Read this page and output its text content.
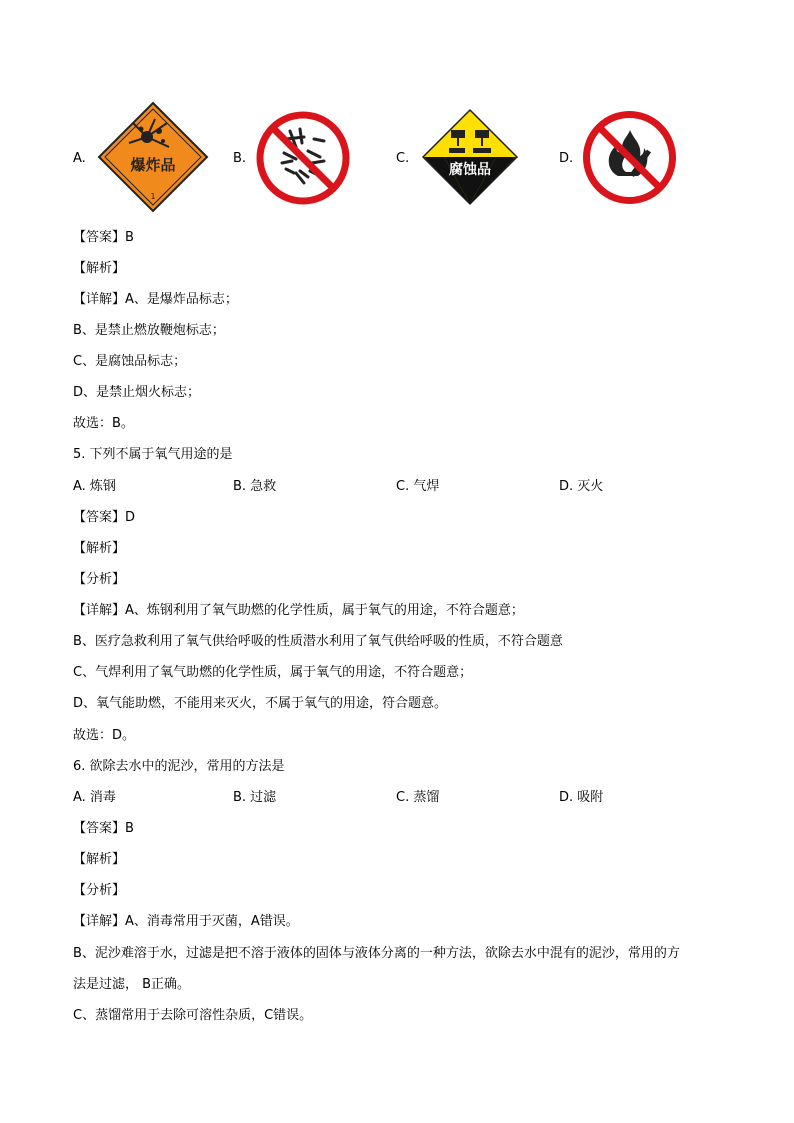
A.	爆炸品
1
B.	C.
腐蚀品
D.
【答案】B
【解析】
【详解】A、是爆炸品标志；
B、是禁止燃放鞭炮标志；
C、是腐蚀品标志；
D、是禁止烟火标志；
故选：B。
5. 下列不属于氧气用途的是
A. 炼钢	B. 急救	C. 气焊	D. 灭火
【答案】D
【解析】
【分析】
【详解】A、炼钢利用了氧气助燃的化学性质，属于氧气的用途，不符合题意；
B、医疗急救利用了氧气供给呼吸的性质潜水利用了氧气供给呼吸的性质，不符合题意
C、气焊利用了氧气助燃的化学性质，属于氧气的用途，不符合题意；
D、氧气能助燃，不能用来灭火，不属于氧气的用途，符合题意。
故选：D。
6. 欲除去水中的泥沙，常用的方法是
A. 消毒	B. 过滤	C. 蒸馏	D. 吸附
【答案】B
【解析】
【分析】
【详解】A、消毒常用于灭菌，A错误。
B、泥沙难溶于水，过滤是把不溶于液体的固体与液体分离的一种方法，欲除去水中混有的泥沙，常用的方
法是过滤， B正确。
C、蒸馏常用于去除可溶性杂质，C错误。
